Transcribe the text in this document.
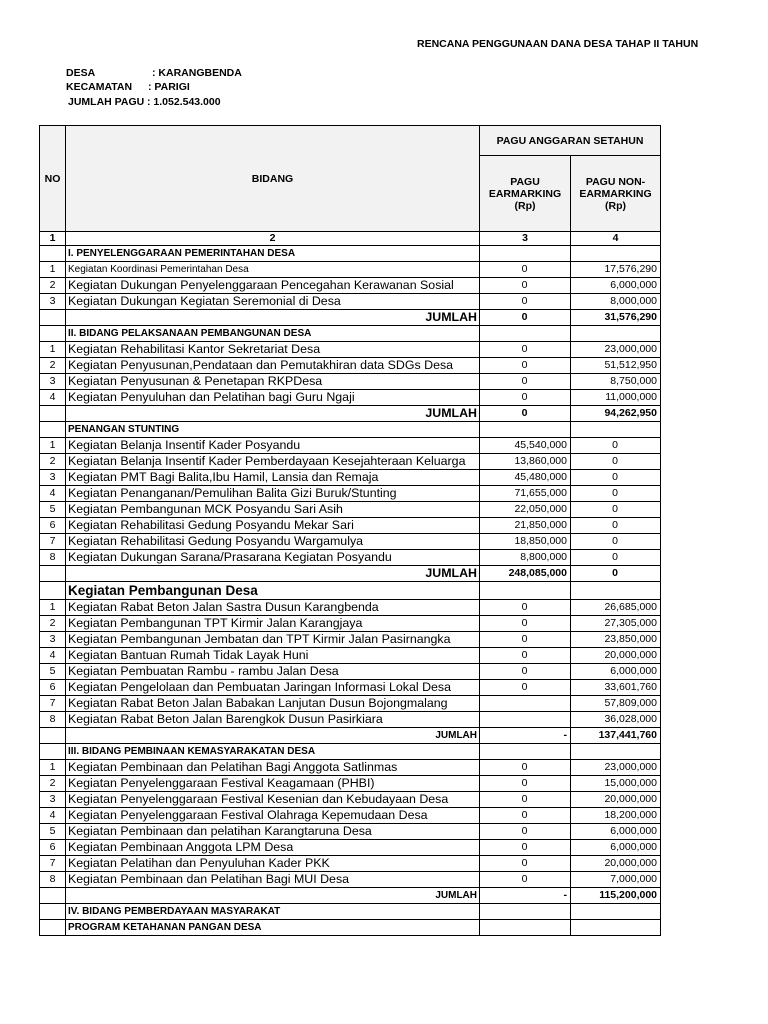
RENCANA PENGGUNAAN DANA DESA TAHAP II TAHUN
DESA	: KARANGBENDA
KECAMATAN : PARIGI
JUMLAH PAGU : 1.052.543.000
NO	BIDANG	PAGU ANGGARAN SETAHUN	
		PAGU EARMARKING (Rp)	PAGU NON-EARMARKING (Rp)
1	2	3	4
	I. PENYELENGGARAAN PEMERINTAHAN DESA		
1	Kegiatan Koordinasi Pemerintahan Desa	0	17,576,290
2	Kegiatan Dukungan Penyelenggaraan Pencegahan Kerawanan Sosial	0	6,000,000
3	Kegiatan Dukungan Kegiatan Seremonial di Desa	0	8,000,000
	JUMLAH	0	31,576,290
	II. BIDANG PELAKSANAAN PEMBANGUNAN DESA		
1	Kegiatan Rehabilitasi Kantor Sekretariat Desa	0	23,000,000
2	Kegiatan Penyusunan,Pendataan dan Pemutakhiran data SDGs Desa	0	51,512,950
3	Kegiatan Penyusunan & Penetapan RKPDesa	0	8,750,000
4	Kegiatan Penyuluhan dan Pelatihan bagi Guru Ngaji	0	11,000,000
	JUMLAH	0	94,262,950
	PENANGAN STUNTING		
1	Kegiatan Belanja Insentif Kader Posyandu	45,540,000	0
2	Kegiatan Belanja Insentif Kader Pemberdayaan Kesejahteraan Keluarga	13,860,000	0
3	Kegiatan PMT Bagi Balita,Ibu Hamil, Lansia dan Remaja	45,480,000	0
4	Kegiatan Penanganan/Pemulihan Balita Gizi Buruk/Stunting	71,655,000	0
5	Kegiatan Pembangunan MCK Posyandu Sari Asih	22,050,000	0
6	Kegiatan Rehabilitasi Gedung Posyandu Mekar Sari	21,850,000	0
7	Kegiatan Rehabilitasi Gedung Posyandu Wargamulya	18,850,000	0
8	Kegiatan Dukungan Sarana/Prasarana Kegiatan Posyandu	8,800,000	0
	JUMLAH	248,085,000	0
	Kegiatan Pembangunan Desa		
1	Kegiatan Rabat Beton Jalan Sastra Dusun Karangbenda	0	26,685,000
2	Kegiatan Pembangunan TPT Kirmir Jalan Karangjaya	0	27,305,000
3	Kegiatan Pembangunan Jembatan dan TPT Kirmir Jalan Pasirnangka	0	23,850,000
4	Kegiatan Bantuan Rumah Tidak Layak Huni	0	20,000,000
5	Kegiatan Pembuatan Rambu - rambu Jalan Desa	0	6,000,000
6	Kegiatan Pengelolaan dan Pembuatan Jaringan Informasi Lokal Desa	0	33,601,760
7	Kegiatan Rabat Beton Jalan Babakan Lanjutan Dusun Bojongmalang		57,809,000
8	Kegiatan Rabat Beton Jalan Barengkok Dusun Pasirkiara		36,028,000
	JUMLAH	-	137,441,760
	III. BIDANG PEMBINAAN KEMASYARAKATAN DESA		
1	Kegiatan Pembinaan dan Pelatihan Bagi Anggota Satlinmas	0	23,000,000
2	Kegiatan Penyelenggaraan Festival Keagamaan (PHBI)	0	15,000,000
3	Kegiatan Penyelenggaraan Festival Kesenian dan Kebudayaan Desa	0	20,000,000
4	Kegiatan Penyelenggaraan Festival Olahraga Kepemudaan Desa	0	18,200,000
5	Kegiatan Pembinaan dan pelatihan Karangtaruna Desa	0	6,000,000
6	Kegiatan Pembinaan Anggota LPM Desa	0	6,000,000
7	Kegiatan Pelatihan dan Penyuluhan Kader PKK	0	20,000,000
8	Kegiatan Pembinaan dan Pelatihan Bagi MUI Desa	0	7,000,000
	JUMLAH	-	115,200,000
	IV. BIDANG PEMBERDAYAAN MASYARAKAT		
	PROGRAM KETAHANAN PANGAN DESA		
